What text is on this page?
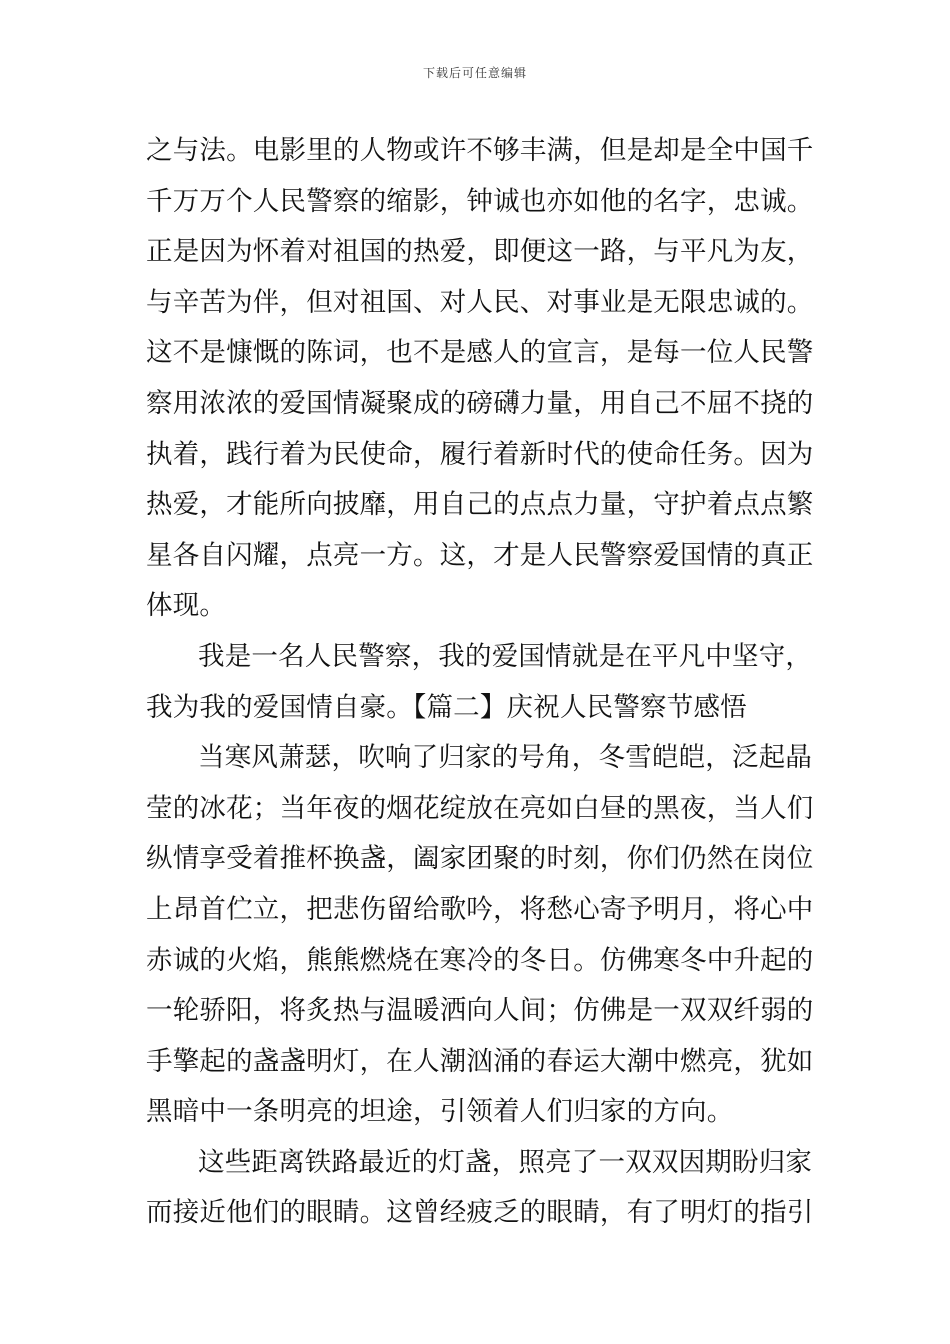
下载后可任意编辑
之与法。电影里的人物或许不够丰满，但是却是全中国千
千万万个人民警察的缩影，钟诚也亦如他的名字，忠诚。
正是因为怀着对祖国的热爱，即便这一路，与平凡为友，
与辛苦为伴，但对祖国、对人民、对事业是无限忠诚的。
这不是慷慨的陈词，也不是感人的宣言，是每一位人民警
察用浓浓的爱国情凝聚成的磅礴力量，用自己不屈不挠的
执着，践行着为民使命，履行着新时代的使命任务。因为
热爱，才能所向披靡，用自己的点点力量，守护着点点繁
星各自闪耀，点亮一方。这，才是人民警察爱国情的真正
体现。
我是一名人民警察，我的爱国情就是在平凡中坚守，
我为我的爱国情自豪。【篇二】庆祝人民警察节感悟
当寒风萧瑟，吹响了归家的号角，冬雪皑皑，泛起晶
莹的冰花；当年夜的烟花绽放在亮如白昼的黑夜，当人们
纵情享受着推杯换盏，阖家团聚的时刻，你们仍然在岗位
上昂首伫立，把悲伤留给歌吟，将愁心寄予明月，将心中
赤诚的火焰，熊熊燃烧在寒冷的冬日。仿佛寒冬中升起的
一轮骄阳，将炙热与温暖洒向人间；仿佛是一双双纤弱的
手擎起的盏盏明灯，在人潮汹涌的春运大潮中燃亮，犹如
黑暗中一条明亮的坦途，引领着人们归家的方向。
这些距离铁路最近的灯盏，照亮了一双双因期盼归家
而接近他们的眼睛。这曾经疲乏的眼睛，有了明灯的指引
